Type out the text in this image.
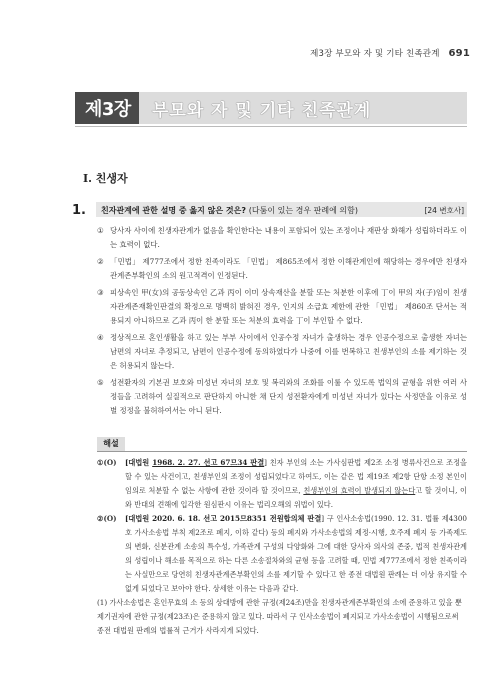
제3장 부모와 자 및 기타 친족관계 691
제3장 부모와 자 및 기타 친족관계
Ⅰ. 친생자
1. 친자관계에 관한 설명 중 옳지 않은 것은? (다툼이 있는 경우 판례에 의함)	[24 변호사]
① 당사자 사이에 친생자관계가 없음을 확인한다는 내용이 포함되어 있는 조정이나 재판상 화해가 성립하더라도 이는 효력이 없다.
② 「민법」 제777조에서 정한 친족이라도 「민법」 제865조에서 정한 이해관계인에 해당하는 경우에만 친생자관계존부확인의 소의 원고적격이 인정된다.
③ 피상속인 甲(女)의 공동상속인 乙과 丙이 이미 상속재산을 분할 또는 처분한 이후에 丁이 甲의 자(子)임이 친생자관계존재확인판결의 확정으로 명백히 밝혀진 경우, 인지의 소급효 제한에 관한 「민법」 제860조 단서는 적용되지 아니하므로 乙과 丙이 한 분할 또는 처분의 효력을 丁이 부인할 수 없다.
④ 정상적으로 혼인생활을 하고 있는 부부 사이에서 인공수정 자녀가 출생하는 경우 인공수정으로 출생한 자녀는 남편의 자녀로 추정되고, 남편이 인공수정에 동의하였다가 나중에 이를 번복하고 친생부인의 소를 제기하는 것은 허용되지 않는다.
⑤ 성전환자의 기본권 보호와 미성년 자녀의 보호 및 복리와의 조화를 이룰 수 있도록 법익의 균형을 위한 여러 사정들을 고려하여 실질적으로 판단하지 아니한 채 단지 성전환자에게 미성년 자녀가 있다는 사정만을 이유로 성별 정정을 불허하여서는 아니 된다.
해설
①(O)	[대법원 1968. 2. 27. 선고 67므34 판결] 친자 부인의 소는 가사심판법 제2조 소정 병류사건으로 조정을 할 수 있는 사건이고, 친생부인의 조정이 성립되었다고 하여도, 이는 같은 법 제19조 제2항 단항 소정 본인이 임의로 처분할 수 없는 사항에 관한 것이라 할 것이므로, 친생부인의 효력이 발생되지 않는다고 할 것이니, 이와 반대의 견해에 입각한 원심판시 이유는 법리오해의 위법이 있다.
②(O)	[대법원 2020. 6. 18. 선고 2015므8351 전원합의체 판결] 구 인사소송법(1990. 12. 31. 법률 제4300호 가사소송법 부칙 제2조로 폐지, 이하 같다) 등의 폐지와 가사소송법의 제정·시행, 호주제 폐지 등 가족제도의 변화, 신분관계 소송의 특수성, 가족관계 구성의 다양화와 그에 대한 당사자 의사의 존중, 법적 친생자관계의 성립이나 해소를 목적으로 하는 다른 소송절차와의 균형 등을 고려할 때, 민법 제777조에서 정한 친족이라는 사실만으로 당연히 친생자관계존부확인의 소를 제기할 수 있다고 한 종전 대법원 판례는 더 이상 유지할 수 없게 되었다고 보아야 한다. 상세한 이유는 다음과 같다.
(1) 가사소송법은 혼인무효의 소 등의 상대방에 관한 규정(제24조)만을 친생자관계존부확인의 소에 준용하고 있을 뿐 제기권자에 관한 규정(제23조)은 준용하지 않고 있다. 따라서 구 인사소송법이 폐지되고 가사소송법이 시행됨으로써 종전 대법원 판례의 법률적 근거가 사라지게 되었다.
